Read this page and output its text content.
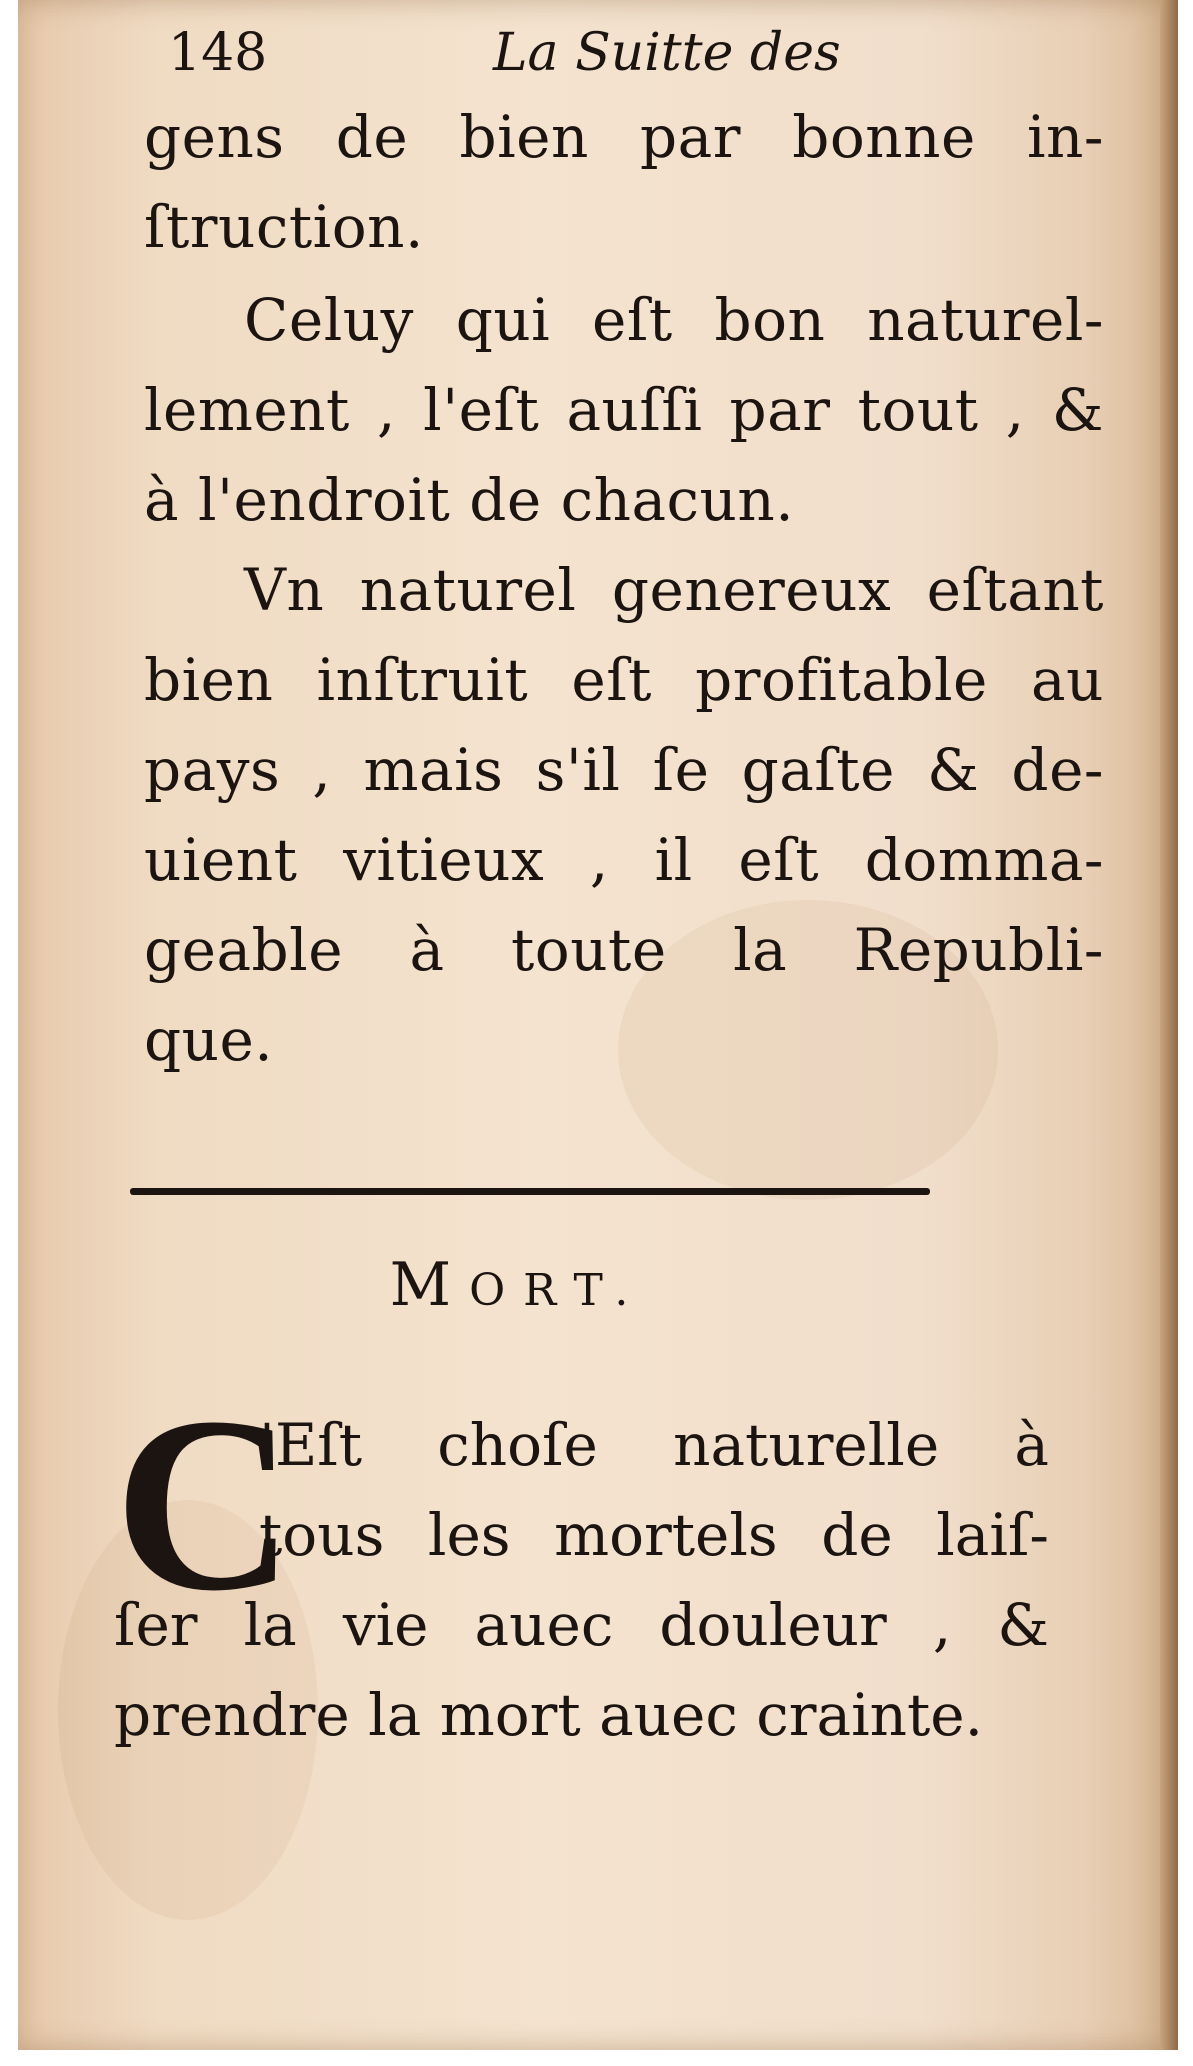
148	La Suitte des
gens de bien par bonne in-
ſtruction.
Celuy qui eſt bon naturel-
lement , l'eſt auſſi par tout , &
à l'endroit de chacun.
Vn naturel genereux eſtant
bien inſtruit eſt profitable au
pays , mais s'il ſe gaſte & de-
uient vitieux , il eſt domma-
geable à toute la Republi-
que.
MORT.
C
'Eſt choſe naturelle à
tous les mortels de laiſ-
ſer la vie auec douleur , &
prendre la mort auec crainte.
